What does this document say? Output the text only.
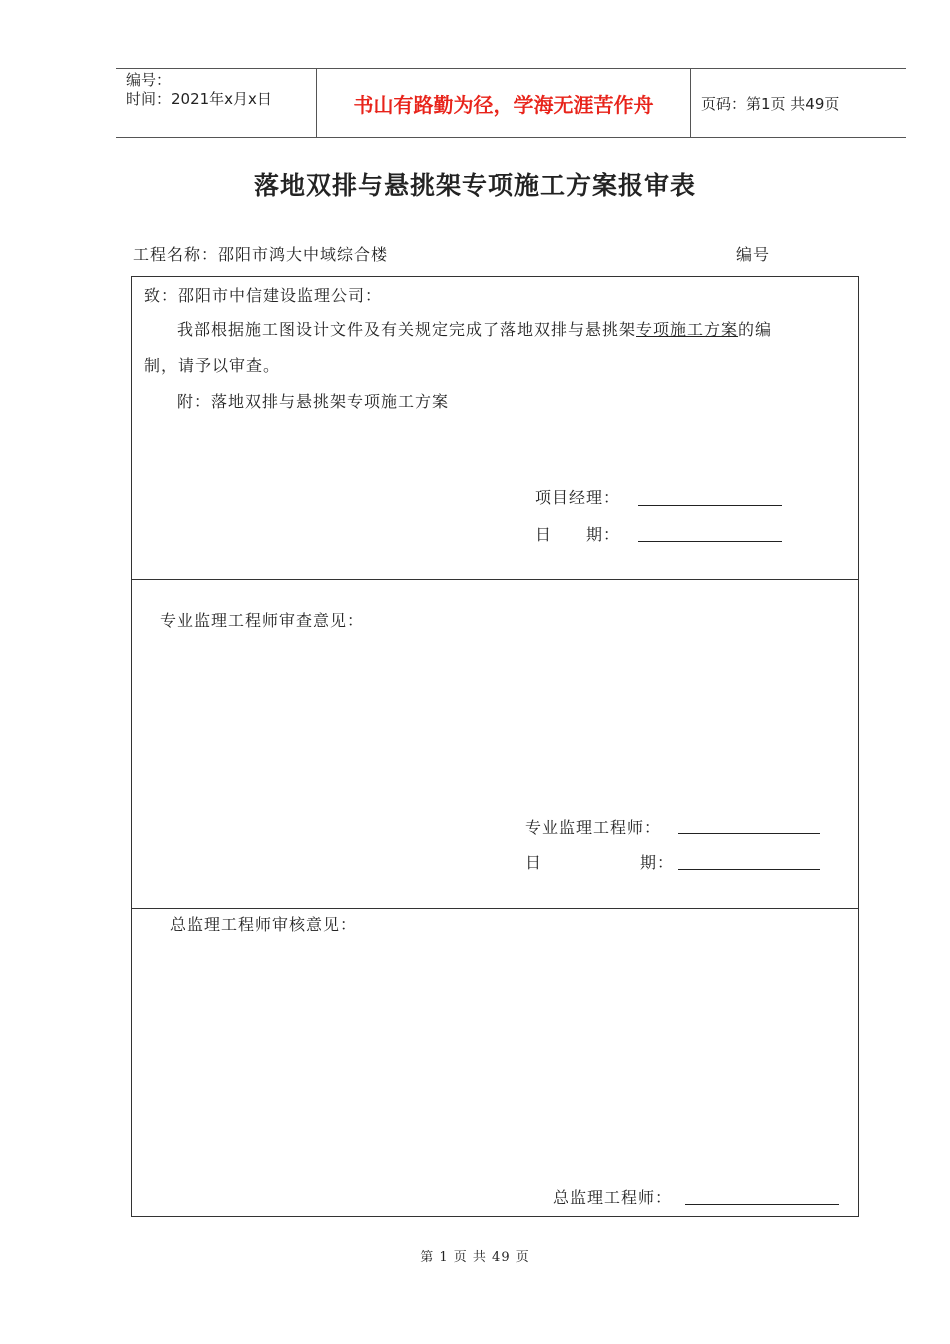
编号：
时间：2021年x月x日	书山有路勤为径，学海无涯苦作舟	页码：第1页 共49页
落地双排与悬挑架专项施工方案报审表
工程名称：邵阳市鸿大中域综合楼	编号
致：邵阳市中信建设监理公司：
我部根据施工图设计文件及有关规定完成了落地双排与悬挑架专项施工方案的编
制，请予以审查。
附：落地双排与悬挑架专项施工方案
项目经理：
日　　期：
专业监理工程师审查意见：
专业监理工程师：
日	期：
总监理工程师审核意见：
总监理工程师：
第 1 页 共 49 页
